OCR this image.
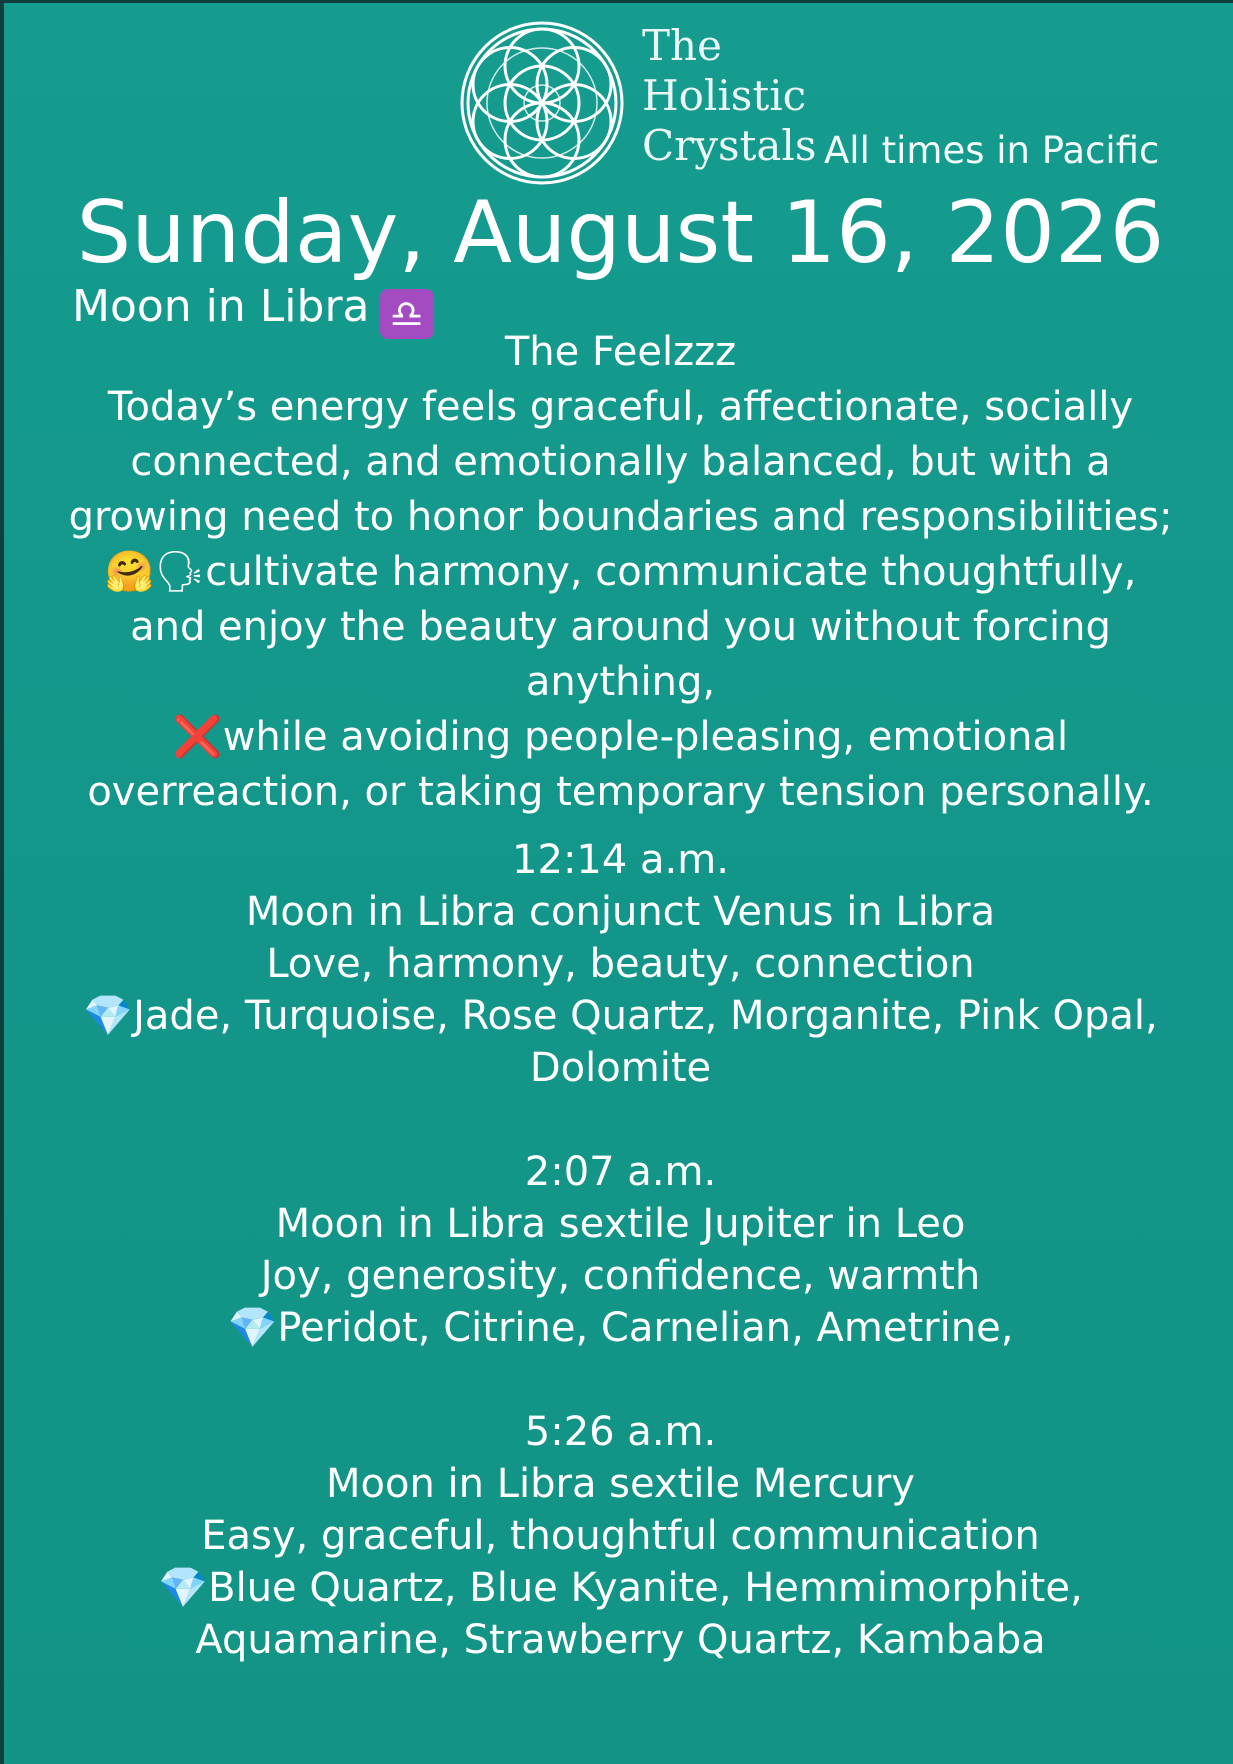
The
Holistic
Crystals All times in Pacific
Sunday, August 16, 2026
Moon in Libra ♎

The Feelzzz

Today’s energy feels graceful, affectionate, socially connected, and emotionally balanced, but with a growing need to honor boundaries and responsibilities;

🤗🗣cultivate harmony, communicate thoughtfully, and enjoy the beauty around you without forcing anything,

❌while avoiding people-pleasing, emotional overreaction, or taking temporary tension personally.

12:14 a.m.
Moon in Libra conjunct Venus in Libra
Love, harmony, beauty, connection
💎Jade, Turquoise, Rose Quartz, Morganite, Pink Opal, Dolomite
2:07 a.m.
Moon in Libra sextile Jupiter in Leo
Joy, generosity, confidence, warmth
💎Peridot, Citrine, Carnelian, Ametrine,
5:26 a.m.
Moon in Libra sextile Mercury
Easy, graceful, thoughtful communication
💎Blue Quartz, Blue Kyanite, Hemmimorphite, Aquamarine, Strawberry Quartz, Kambaba
